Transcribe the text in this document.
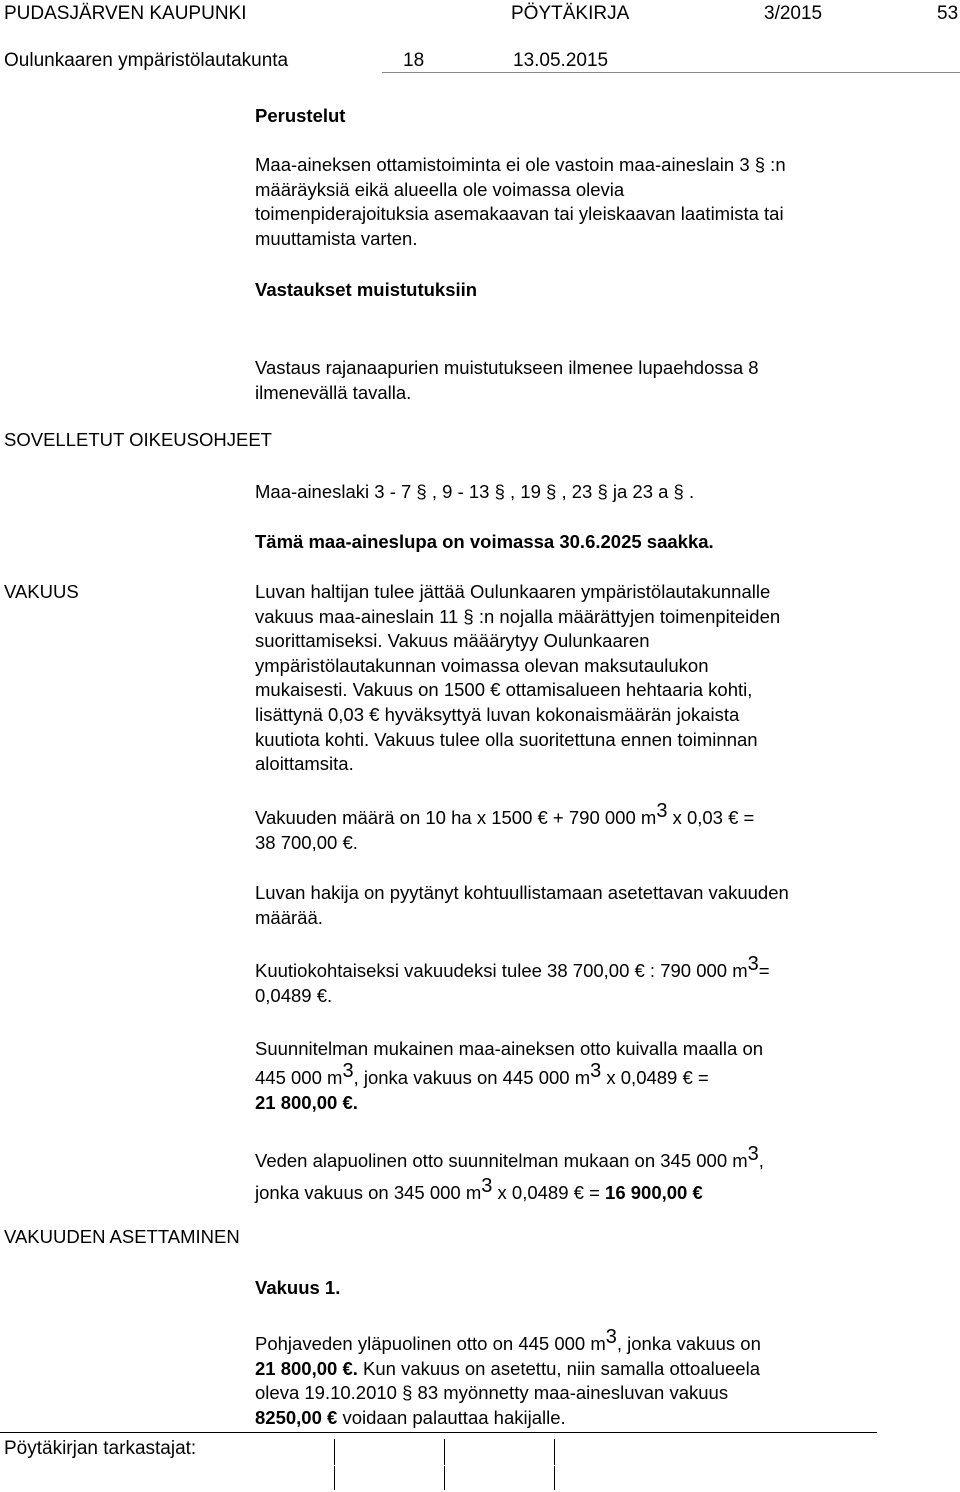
PUDASJÄRVEN KAUPUNKI	PÖYTÄKIRJA	3/2015	53
Oulunkaaren ympäristölautakunta	18	13.05.2015
SOVELLETUT OIKEUSOHJEET
VAKUUS
VAKUUDEN ASETTAMINEN
Perustelut
Maa-aineksen ottamistoiminta ei ole vastoin maa-aineslain 3 § :n
määräyksiä eikä alueella ole voimassa olevia
toimenpiderajoituksia asemakaavan tai yleiskaavan laatimista tai
muuttamista varten.
Vastaukset muistutuksiin
Vastaus rajanaapurien muistutukseen ilmenee lupaehdossa 8
ilmenevällä tavalla.
Maa-aineslaki 3 - 7 § , 9 - 13 § , 19 § , 23 § ja 23 a § .
Tämä maa-aineslupa on voimassa 30.6.2025 saakka.
Luvan haltijan tulee jättää Oulunkaaren ympäristölautakunnalle
vakuus maa-aineslain 11 § :n nojalla määrättyjen toimenpiteiden
suorittamiseksi. Vakuus määärytyy Oulunkaaren
ympäristölautakunnan voimassa olevan maksutaulukon
mukaisesti. Vakuus on 1500 € ottamisalueen hehtaaria kohti,
lisättynä 0,03 € hyväksyttyä luvan kokonaismäärän jokaista
kuutiota kohti. Vakuus tulee olla suoritettuna ennen toiminnan
aloittamsita.
Vakuuden määrä on 10 ha x 1500 € + 790 000 $m^3$ x 0,03 € =
38 700,00 €.
Luvan hakija on pyytänyt kohtuullistamaan asetettavan vakuuden
määrää.
Kuutiokohtaiseksi vakuudeksi tulee 38 700,00 € : 790 000 $m^3=$
0,0489 €.
Suunnitelman mukainen maa-aineksen otto kuivalla maalla on
445 000 $m^3$, jonka vakuus on 445 000 $m^3$ x 0,0489 € =
21 800,00 €.
Veden alapuolinen otto suunnitelman mukaan on 345 000 $m^3$,
jonka vakuus on 345 000 $m^3$ x 0,0489 € = 16 900,00 €
Vakuus 1.
Pohjaveden yläpuolinen otto on 445 000 $m^3$, jonka vakuus on
21 800,00 €. Kun vakuus on asetettu, niin samalla ottoalueela
oleva 19.10.2010 § 83 myönnetty maa-ainesluvan vakuus
8250,00 € voidaan palauttaa hakijalle.
Pöytäkirjan tarkastajat:
